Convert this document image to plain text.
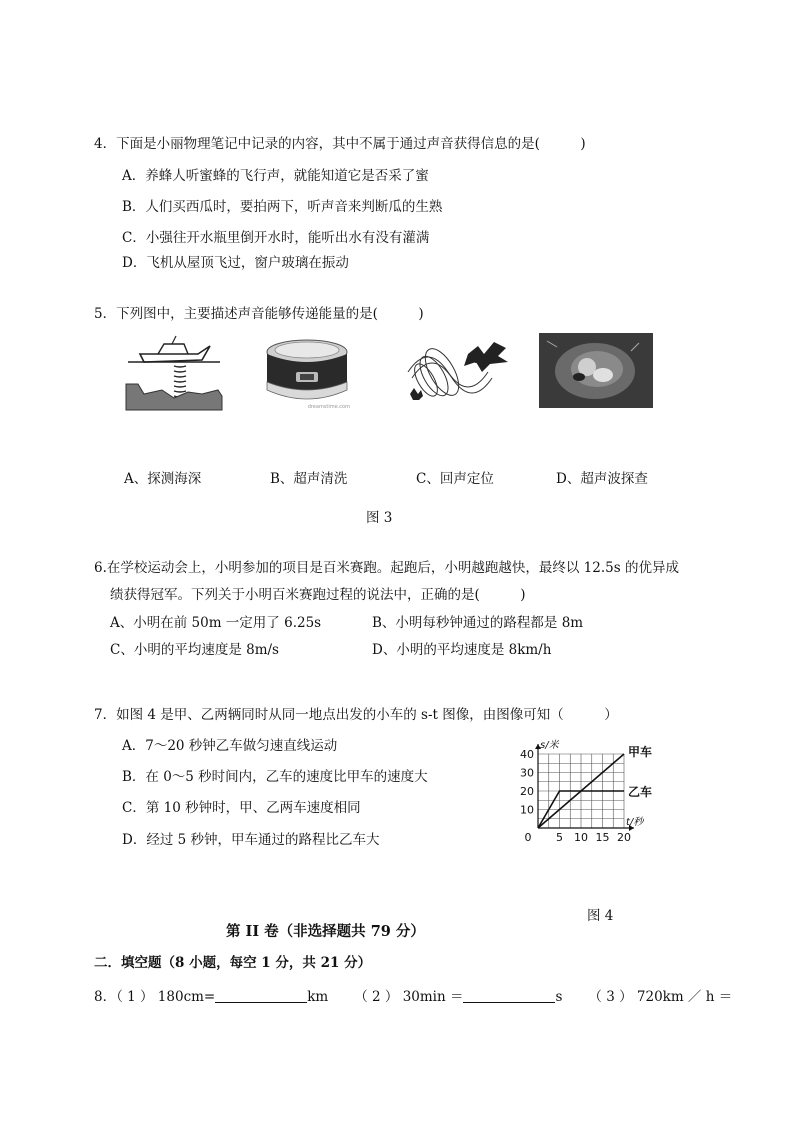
4．下面是小丽物理笔记中记录的内容，其中不属于通过声音获得信息的是(　　　)
A．养蜂人听蜜蜂的飞行声，就能知道它是否采了蜜
B．人们买西瓜时，要拍两下，听声音来判断瓜的生熟
C．小强往开水瓶里倒开水时，能听出水有没有灌满
D．飞机从屋顶飞过，窗户玻璃在振动
5．下列图中，主要描述声音能够传递能量的是(　　　)
dreamstime.com
A、探测海深	B、超声清洗	C、回声定位	D、超声波探查
图 3
6.在学校运动会上，小明参加的项目是百米赛跑。起跑后，小明越跑越快，最终以 12.5s 的优异成
绩获得冠军。下列关于小明百米赛跑过程的说法中，正确的是(　　　)
A、小明在前 50m 一定用了 6.25s	B、小明每秒钟通过的路程都是 8m
C、小明的平均速度是 8m/s	D、小明的平均速度是 8km/h
7．如图 4 是甲、乙两辆同时从同一地点出发的小车的 s-t 图像，由图像可知（　　　）
A．7～20 秒钟乙车做匀速直线运动
B．在 0～5 秒时间内，乙车的速度比甲车的速度大
C．第 10 秒钟时，甲、乙两车速度相同
D．经过 5 秒钟，甲车通过的路程比乙车大
甲车
乙车
0 5 10 15 20
10
20
30
40
s/米
t/秒
图 4
第 II 卷（非选择题共 79 分）
二．填空题（8 小题，每空 1 分，共 21 分）
8．（ 1 ） 180cm=	km （ 2 ） 30min ＝	s （ 3 ） 720km ／ h ＝
